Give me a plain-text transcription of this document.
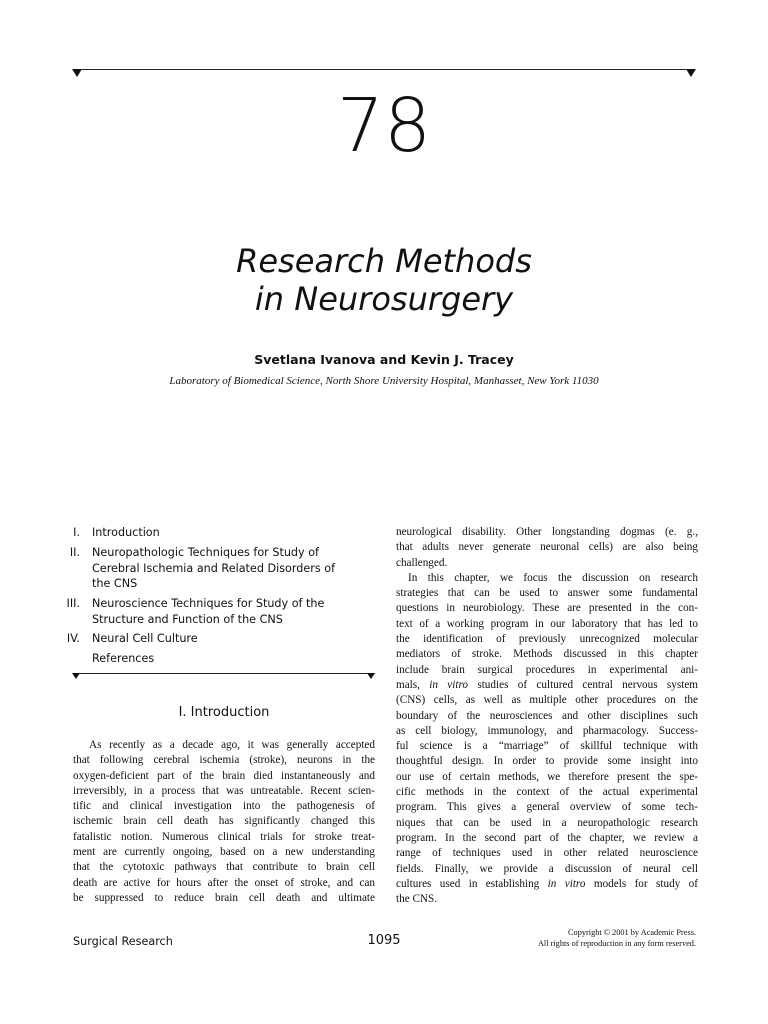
78
Research Methods
in Neurosurgery
Svetlana Ivanova and Kevin J. Tracey
Laboratory of Biomedical Science, North Shore University Hospital, Manhasset, New York 11030
I. Introduction
II. Neuropathologic Techniques for Study of
Cerebral Ischemia and Related Disorders of
the CNS
III. Neuroscience Techniques for Study of the
Structure and Function of the CNS
IV. Neural Cell Culture
References
I. Introduction
As recently as a decade ago, it was generally accepted
that following cerebral ischemia (stroke), neurons in the
oxygen-deficient part of the brain died instantaneously and
irreversibly, in a process that was untreatable. Recent scien-
tific and clinical investigation into the pathogenesis of
ischemic brain cell death has significantly changed this
fatalistic notion. Numerous clinical trials for stroke treat-
ment are currently ongoing, based on a new understanding
that the cytotoxic pathways that contribute to brain cell
death are active for hours after the onset of stroke, and can
be suppressed to reduce brain cell death and ultimate
neurological disability. Other longstanding dogmas (e. g.,
that adults never generate neuronal cells) are also being
challenged.
In this chapter, we focus the discussion on research
strategies that can be used to answer some fundamental
questions in neurobiology. These are presented in the con-
text of a working program in our laboratory that has led to
the identification of previously unrecognized molecular
mediators of stroke. Methods discussed in this chapter
include brain surgical procedures in experimental ani-
mals, in vitro studies of cultured central nervous system
(CNS) cells, as well as multiple other procedures on the
boundary of the neurosciences and other disciplines such
as cell biology, immunology, and pharmacology. Success-
ful science is a “marriage” of skillful technique with
thoughtful design. In order to provide some insight into
our use of certain methods, we therefore present the spe-
cific methods in the context of the actual experimental
program. This gives a general overview of some tech-
niques that can be used in a neuropathologic research
program. In the second part of the chapter, we review a
range of techniques used in other related neuroscience
fields. Finally, we provide a discussion of neural cell
cultures used in establishing in vitro models for study of
the CNS.
Surgical Research	1095
Copyright © 2001 by Academic Press.
All rights of reproduction in any form reserved.
